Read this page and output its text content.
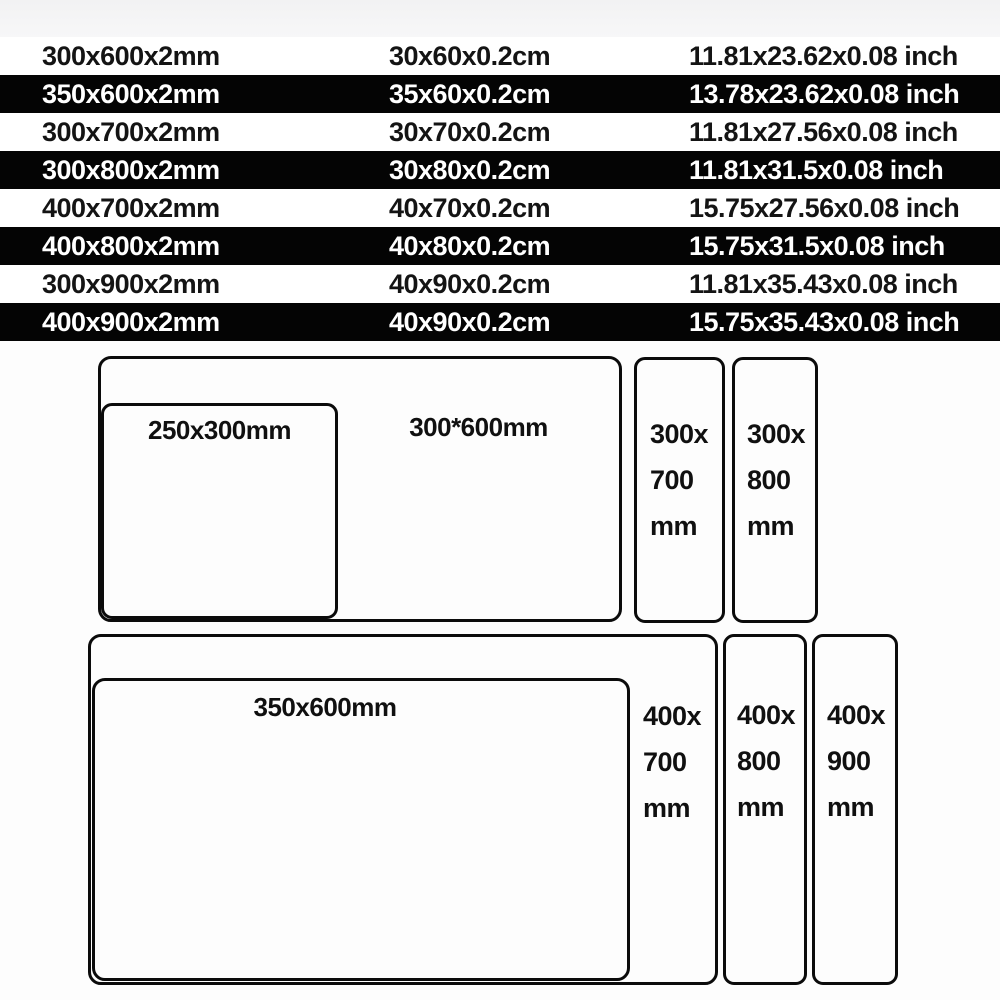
300x600x2mm	30x60x0.2cm	11.81x23.62x0.08 inch
350x600x2mm	35x60x0.2cm	13.78x23.62x0.08 inch
300x700x2mm	30x70x0.2cm	11.81x27.56x0.08 inch
300x800x2mm	30x80x0.2cm	11.81x31.5x0.08 inch
400x700x2mm	40x70x0.2cm	15.75x27.56x0.08 inch
400x800x2mm	40x80x0.2cm	15.75x31.5x0.08 inch
300x900x2mm	40x90x0.2cm	11.81x35.43x0.08 inch
400x900x2mm	40x90x0.2cm	15.75x35.43x0.08 inch
300*600mm
250x300mm	300x
700
mm
300x
800
mm
400x
700
mm
350x600mm	400x
800
mm
400x
900
mm
